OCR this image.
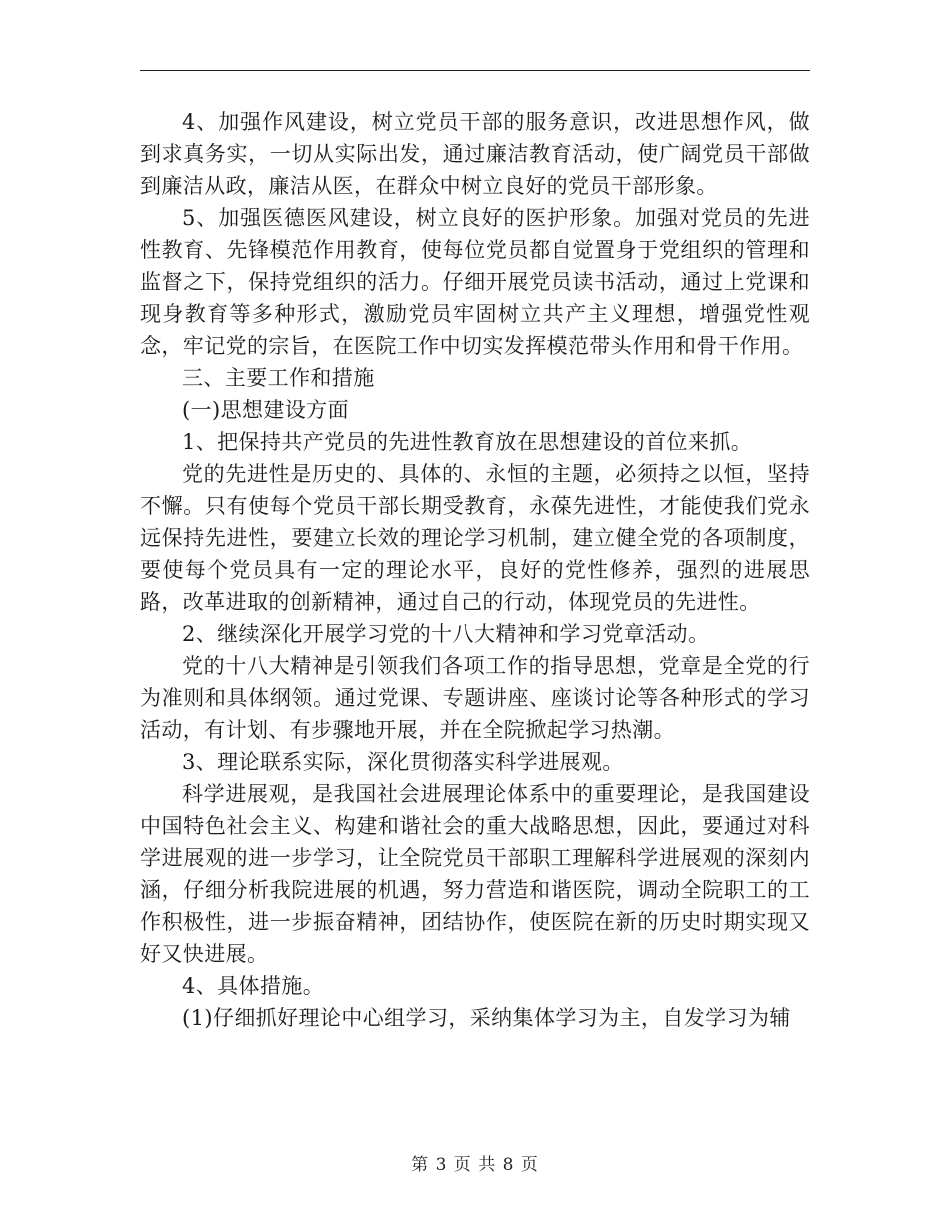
4、加强作风建设，树立党员干部的服务意识，改进思想作风，做到求真务实，一切从实际出发，通过廉洁教育活动，使广阔党员干部做到廉洁从政，廉洁从医，在群众中树立良好的党员干部形象。

5、加强医德医风建设，树立良好的医护形象。加强对党员的先进性教育、先锋模范作用教育，使每位党员都自觉置身于党组织的管理和监督之下，保持党组织的活力。仔细开展党员读书活动，通过上党课和现身教育等多种形式，激励党员牢固树立共产主义理想，增强党性观念，牢记党的宗旨，在医院工作中切实发挥模范带头作用和骨干作用。

三、主要工作和措施

(一)思想建设方面

1、把保持共产党员的先进性教育放在思想建设的首位来抓。

党的先进性是历史的、具体的、永恒的主题，必须持之以恒，坚持不懈。只有使每个党员干部长期受教育，永葆先进性，才能使我们党永远保持先进性，要建立长效的理论学习机制，建立健全党的各项制度，要使每个党员具有一定的理论水平，良好的党性修养，强烈的进展思路，改革进取的创新精神，通过自己的行动，体现党员的先进性。

2、继续深化开展学习党的十八大精神和学习党章活动。

党的十八大精神是引领我们各项工作的指导思想，党章是全党的行为准则和具体纲领。通过党课、专题讲座、座谈讨论等各种形式的学习活动，有计划、有步骤地开展，并在全院掀起学习热潮。

3、理论联系实际，深化贯彻落实科学进展观。

科学进展观，是我国社会进展理论体系中的重要理论，是我国建设中国特色社会主义、构建和谐社会的重大战略思想，因此，要通过对科学进展观的进一步学习，让全院党员干部职工理解科学进展观的深刻内涵，仔细分析我院进展的机遇，努力营造和谐医院，调动全院职工的工作积极性，进一步振奋精神，团结协作，使医院在新的历史时期实现又好又快进展。

4、具体措施。

(1)仔细抓好理论中心组学习，采纳集体学习为主，自发学习为辅

第 3 页 共 8 页
